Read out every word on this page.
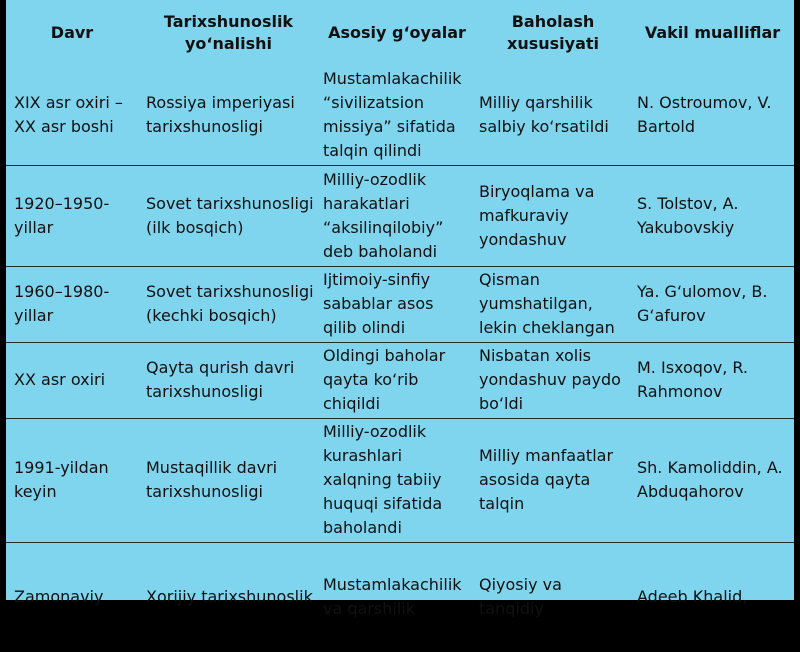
Davr	Tarixshunoslik yo‘nalishi	Asosiy g‘oyalar	Baholash xususiyati	Vakil mualliflar
XIX asr oxiri – XX asr boshi	Rossiya imperiyasi tarixshunosligi	Mustamlakachilik “sivilizatsion missiya” sifatida talqin qilindi	Milliy qarshilik salbiy ko‘rsatildi	N. Ostroumov, V. Bartold
1920–1950-yillar	Sovet tarixshunosligi (ilk bosqich)	Milliy-ozodlik harakatlari “aksilinqilobiy” deb baholandi	Biryoqlama va mafkuraviy yondashuv	S. Tolstov, A. Yakubovskiy
1960–1980-yillar	Sovet tarixshunosligi (kechki bosqich)	Ijtimoiy-sinfiy sabablar asos qilib olindi	Qisman yumshatilgan, lekin cheklangan	Ya. G‘ulomov, B. G‘afurov
XX asr oxiri	Qayta qurish davri tarixshunosligi	Oldingi baholar qayta ko‘rib chiqildi	Nisbatan xolis yondashuv paydo bo‘ldi	M. Isxoqov, R. Rahmonov
1991-yildan keyin	Mustaqillik davri tarixshunosligi	Milliy-ozodlik kurashlari xalqning tabiiy huquqi sifatida baholandi	Milliy manfaatlar asosida qayta talqin	Sh. Kamoliddin, A. Abduqahorov
Zamonaviy	Xorijiy tarixshunoslik	Mustamlakachilik va qarshilik	Qiyosiy va tanqidiy	Adeeb Khalid,
